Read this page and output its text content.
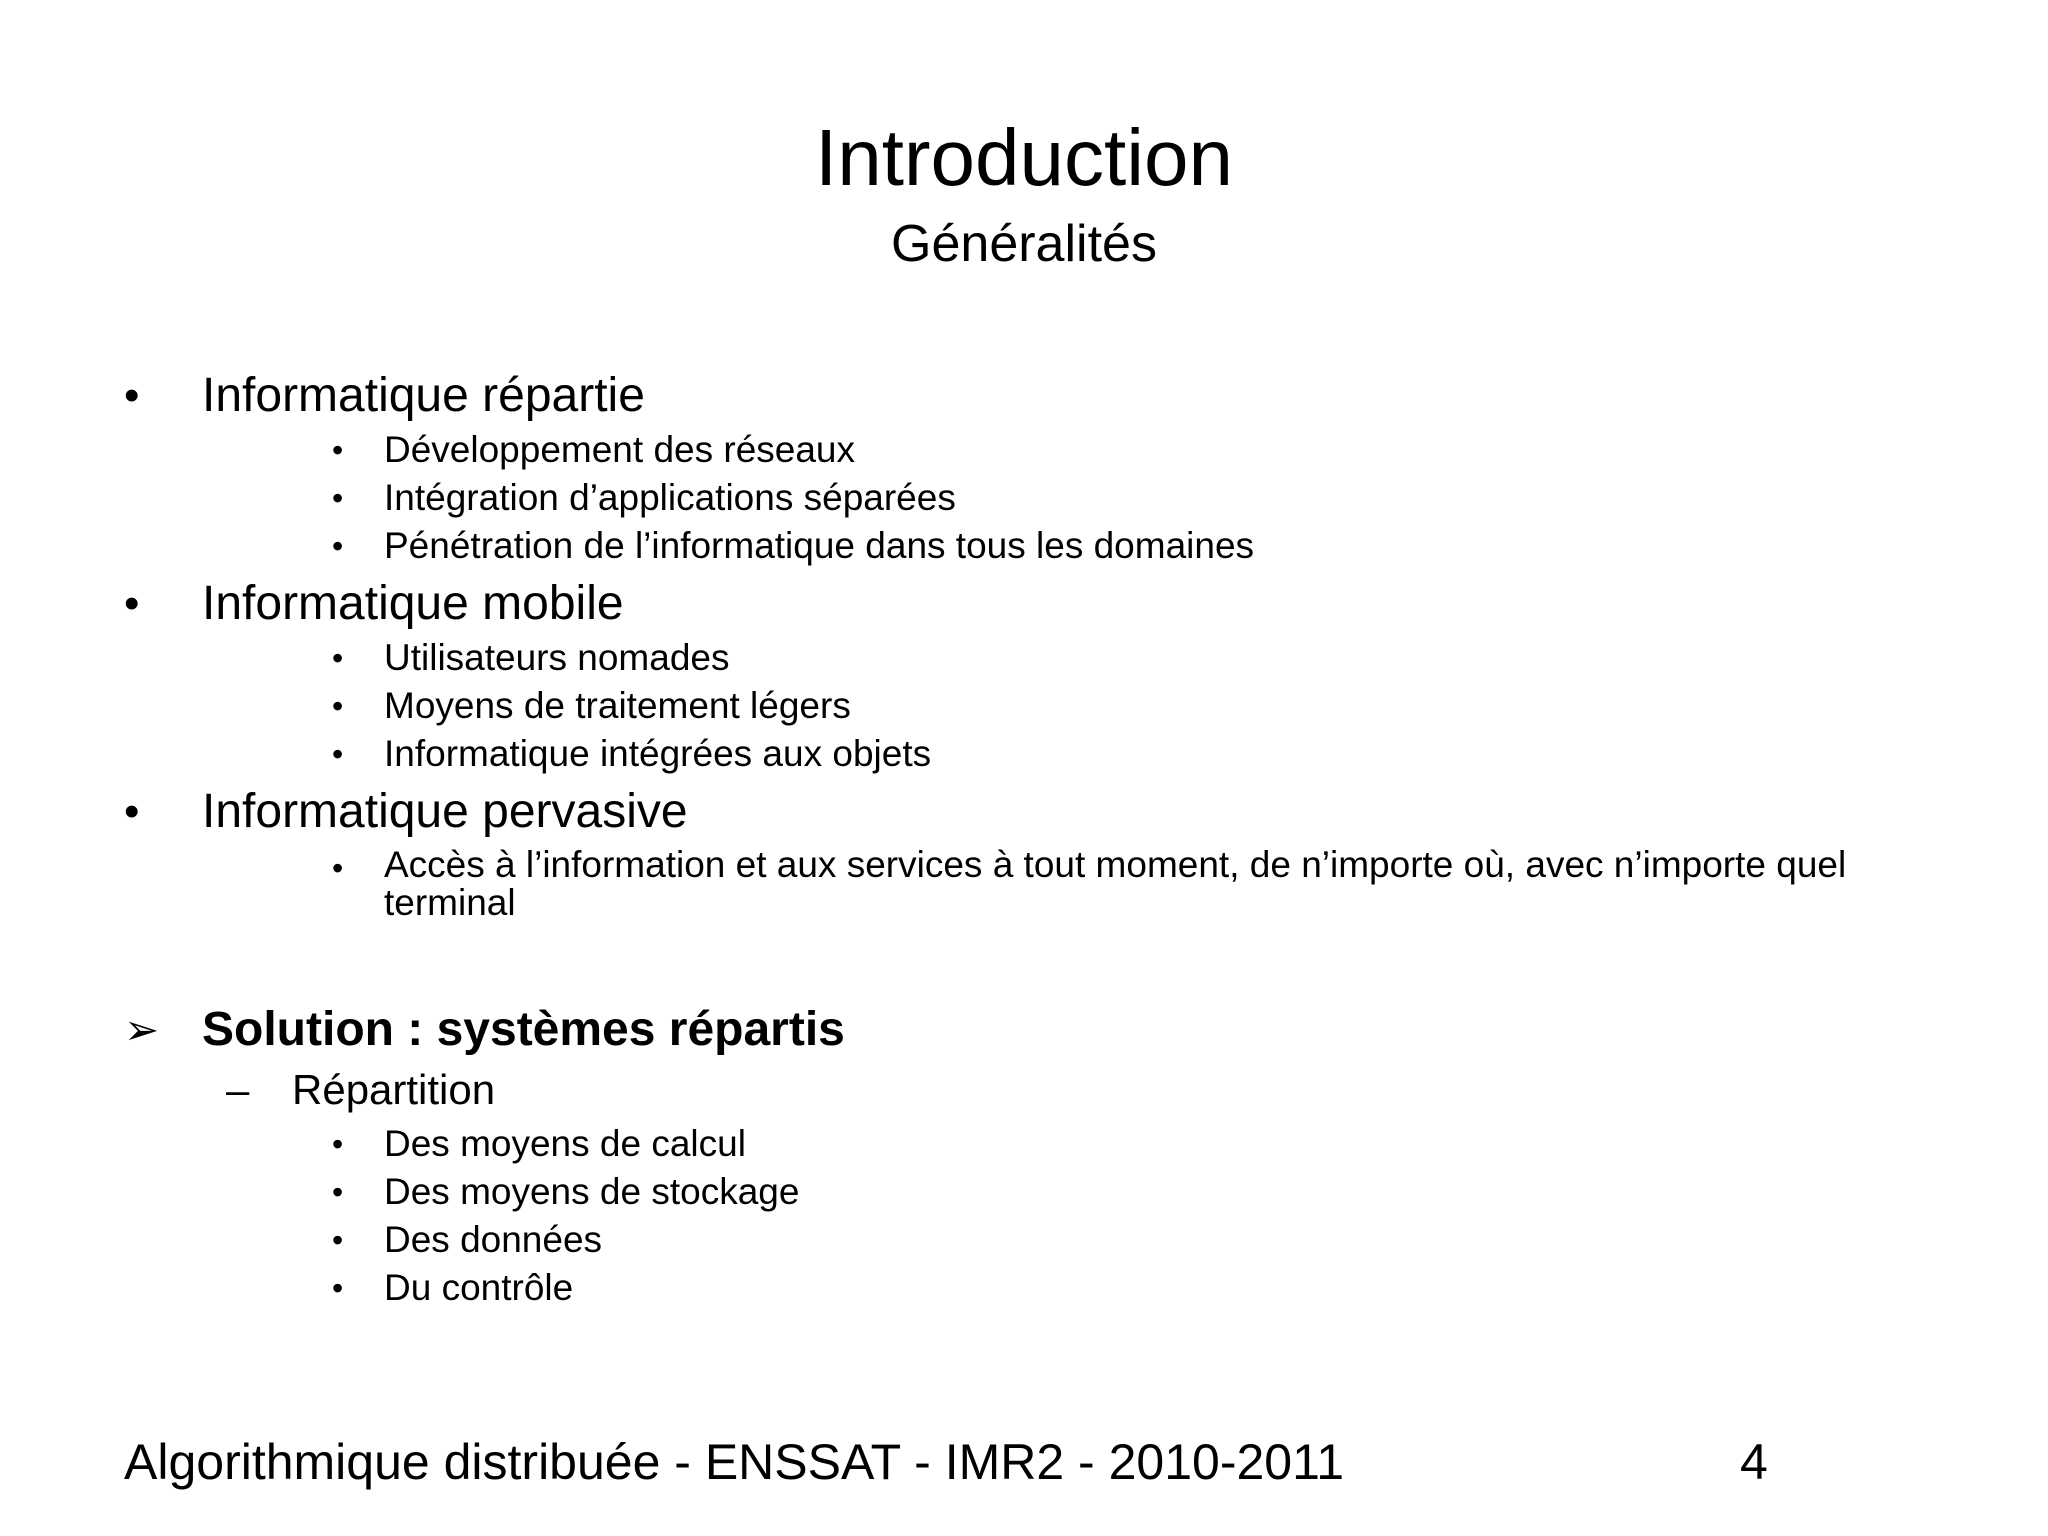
Introduction
Généralités
• Informatique répartie
• Développement des réseaux
• Intégration d’applications séparées
• Pénétration de l’informatique dans tous les domaines
• Informatique mobile
• Utilisateurs nomades
• Moyens de traitement légers
• Informatique intégrées aux objets
• Informatique pervasive
• Accès à l’information et aux services à tout moment, de n’importe où, avec n’importe quel terminal
➢ Solution : systèmes répartis
– Répartition
• Des moyens de calcul
• Des moyens de stockage
• Des données
• Du contrôle
Algorithmique distribuée - ENSSAT - IMR2 - 2010-2011	4
